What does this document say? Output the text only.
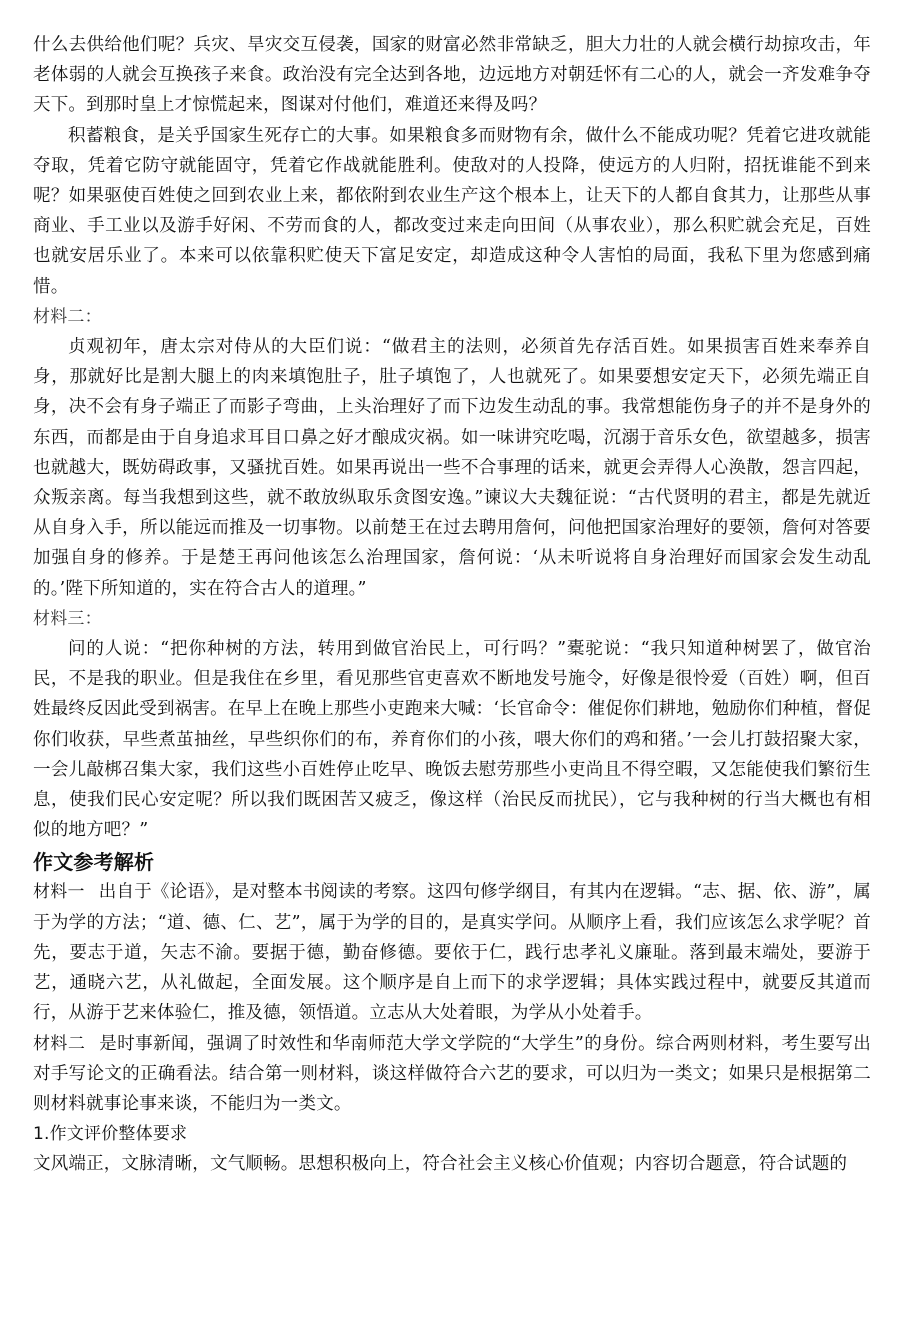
什么去供给他们呢？兵灾、旱灾交互侵袭，国家的财富必然非常缺乏，胆大力壮的人就会横行劫掠攻击，年老体弱的人就会互换孩子来食。政治没有完全达到各地，边远地方对朝廷怀有二心的人，就会一齐发难争夺天下。到那时皇上才惊慌起来，图谋对付他们，难道还来得及吗？

积蓄粮食，是关乎国家生死存亡的大事。如果粮食多而财物有余，做什么不能成功呢？凭着它进攻就能夺取，凭着它防守就能固守，凭着它作战就能胜利。使敌对的人投降，使远方的人归附，招抚谁能不到来呢？如果驱使百姓使之回到农业上来，都依附到农业生产这个根本上，让天下的人都自食其力，让那些从事商业、手工业以及游手好闲、不劳而食的人，都改变过来走向田间（从事农业），那么积贮就会充足，百姓也就安居乐业了。本来可以依靠积贮使天下富足安定，却造成这种令人害怕的局面，我私下里为您感到痛惜。

材料二：

贞观初年，唐太宗对侍从的大臣们说：“做君主的法则，必须首先存活百姓。如果损害百姓来奉养自身，那就好比是割大腿上的肉来填饱肚子，肚子填饱了，人也就死了。如果要想安定天下，必须先端正自身，决不会有身子端正了而影子弯曲，上头治理好了而下边发生动乱的事。我常想能伤身子的并不是身外的东西，而都是由于自身追求耳目口鼻之好才酿成灾祸。如一味讲究吃喝，沉溺于音乐女色，欲望越多，损害也就越大，既妨碍政事，又骚扰百姓。如果再说出一些不合事理的话来，就更会弄得人心涣散，怨言四起，众叛亲离。每当我想到这些，就不敢放纵取乐贪图安逸。”谏议大夫魏征说：“古代贤明的君主，都是先就近从自身入手，所以能远而推及一切事物。以前楚王在过去聘用詹何，问他把国家治理好的要领，詹何对答要加强自身的修养。于是楚王再问他该怎么治理国家，詹何说：‘从未听说将自身治理好而国家会发生动乱的。’陛下所知道的，实在符合古人的道理。”

材料三：

问的人说：“把你种树的方法，转用到做官治民上，可行吗？”橐驼说：“我只知道种树罢了，做官治民，不是我的职业。但是我住在乡里，看见那些官吏喜欢不断地发号施令，好像是很怜爱（百姓）啊，但百姓最终反因此受到祸害。在早上在晚上那些小吏跑来大喊：‘长官命令：催促你们耕地，勉励你们种植，督促你们收获，早些煮茧抽丝，早些织你们的布，养育你们的小孩，喂大你们的鸡和猪。’一会儿打鼓招聚大家，一会儿敲梆召集大家，我们这些小百姓停止吃早、晚饭去慰劳那些小吏尚且不得空暇，又怎能使我们繁衍生息，使我们民心安定呢？所以我们既困苦又疲乏，像这样（治民反而扰民），它与我种树的行当大概也有相似的地方吧？”

作文参考解析

材料一 出自于《论语》，是对整本书阅读的考察。这四句修学纲目，有其内在逻辑。“志、据、依、游”，属于为学的方法；“道、德、仁、艺”，属于为学的目的，是真实学问。从顺序上看，我们应该怎么求学呢？首先，要志于道，矢志不渝。要据于德，勤奋修德。要依于仁，践行忠孝礼义廉耻。落到最末端处，要游于艺，通晓六艺，从礼做起，全面发展。这个顺序是自上而下的求学逻辑；具体实践过程中，就要反其道而行，从游于艺来体验仁，推及德，领悟道。立志从大处着眼，为学从小处着手。

材料二 是时事新闻，强调了时效性和华南师范大学文学院的“大学生”的身份。综合两则材料，考生要写出对手写论文的正确看法。结合第一则材料，谈这样做符合六艺的要求，可以归为一类文；如果只是根据第二则材料就事论事来谈，不能归为一类文。

1.作文评价整体要求

文风端正，文脉清晰，文气顺畅。思想积极向上，符合社会主义核心价值观；内容切合题意，符合试题的
